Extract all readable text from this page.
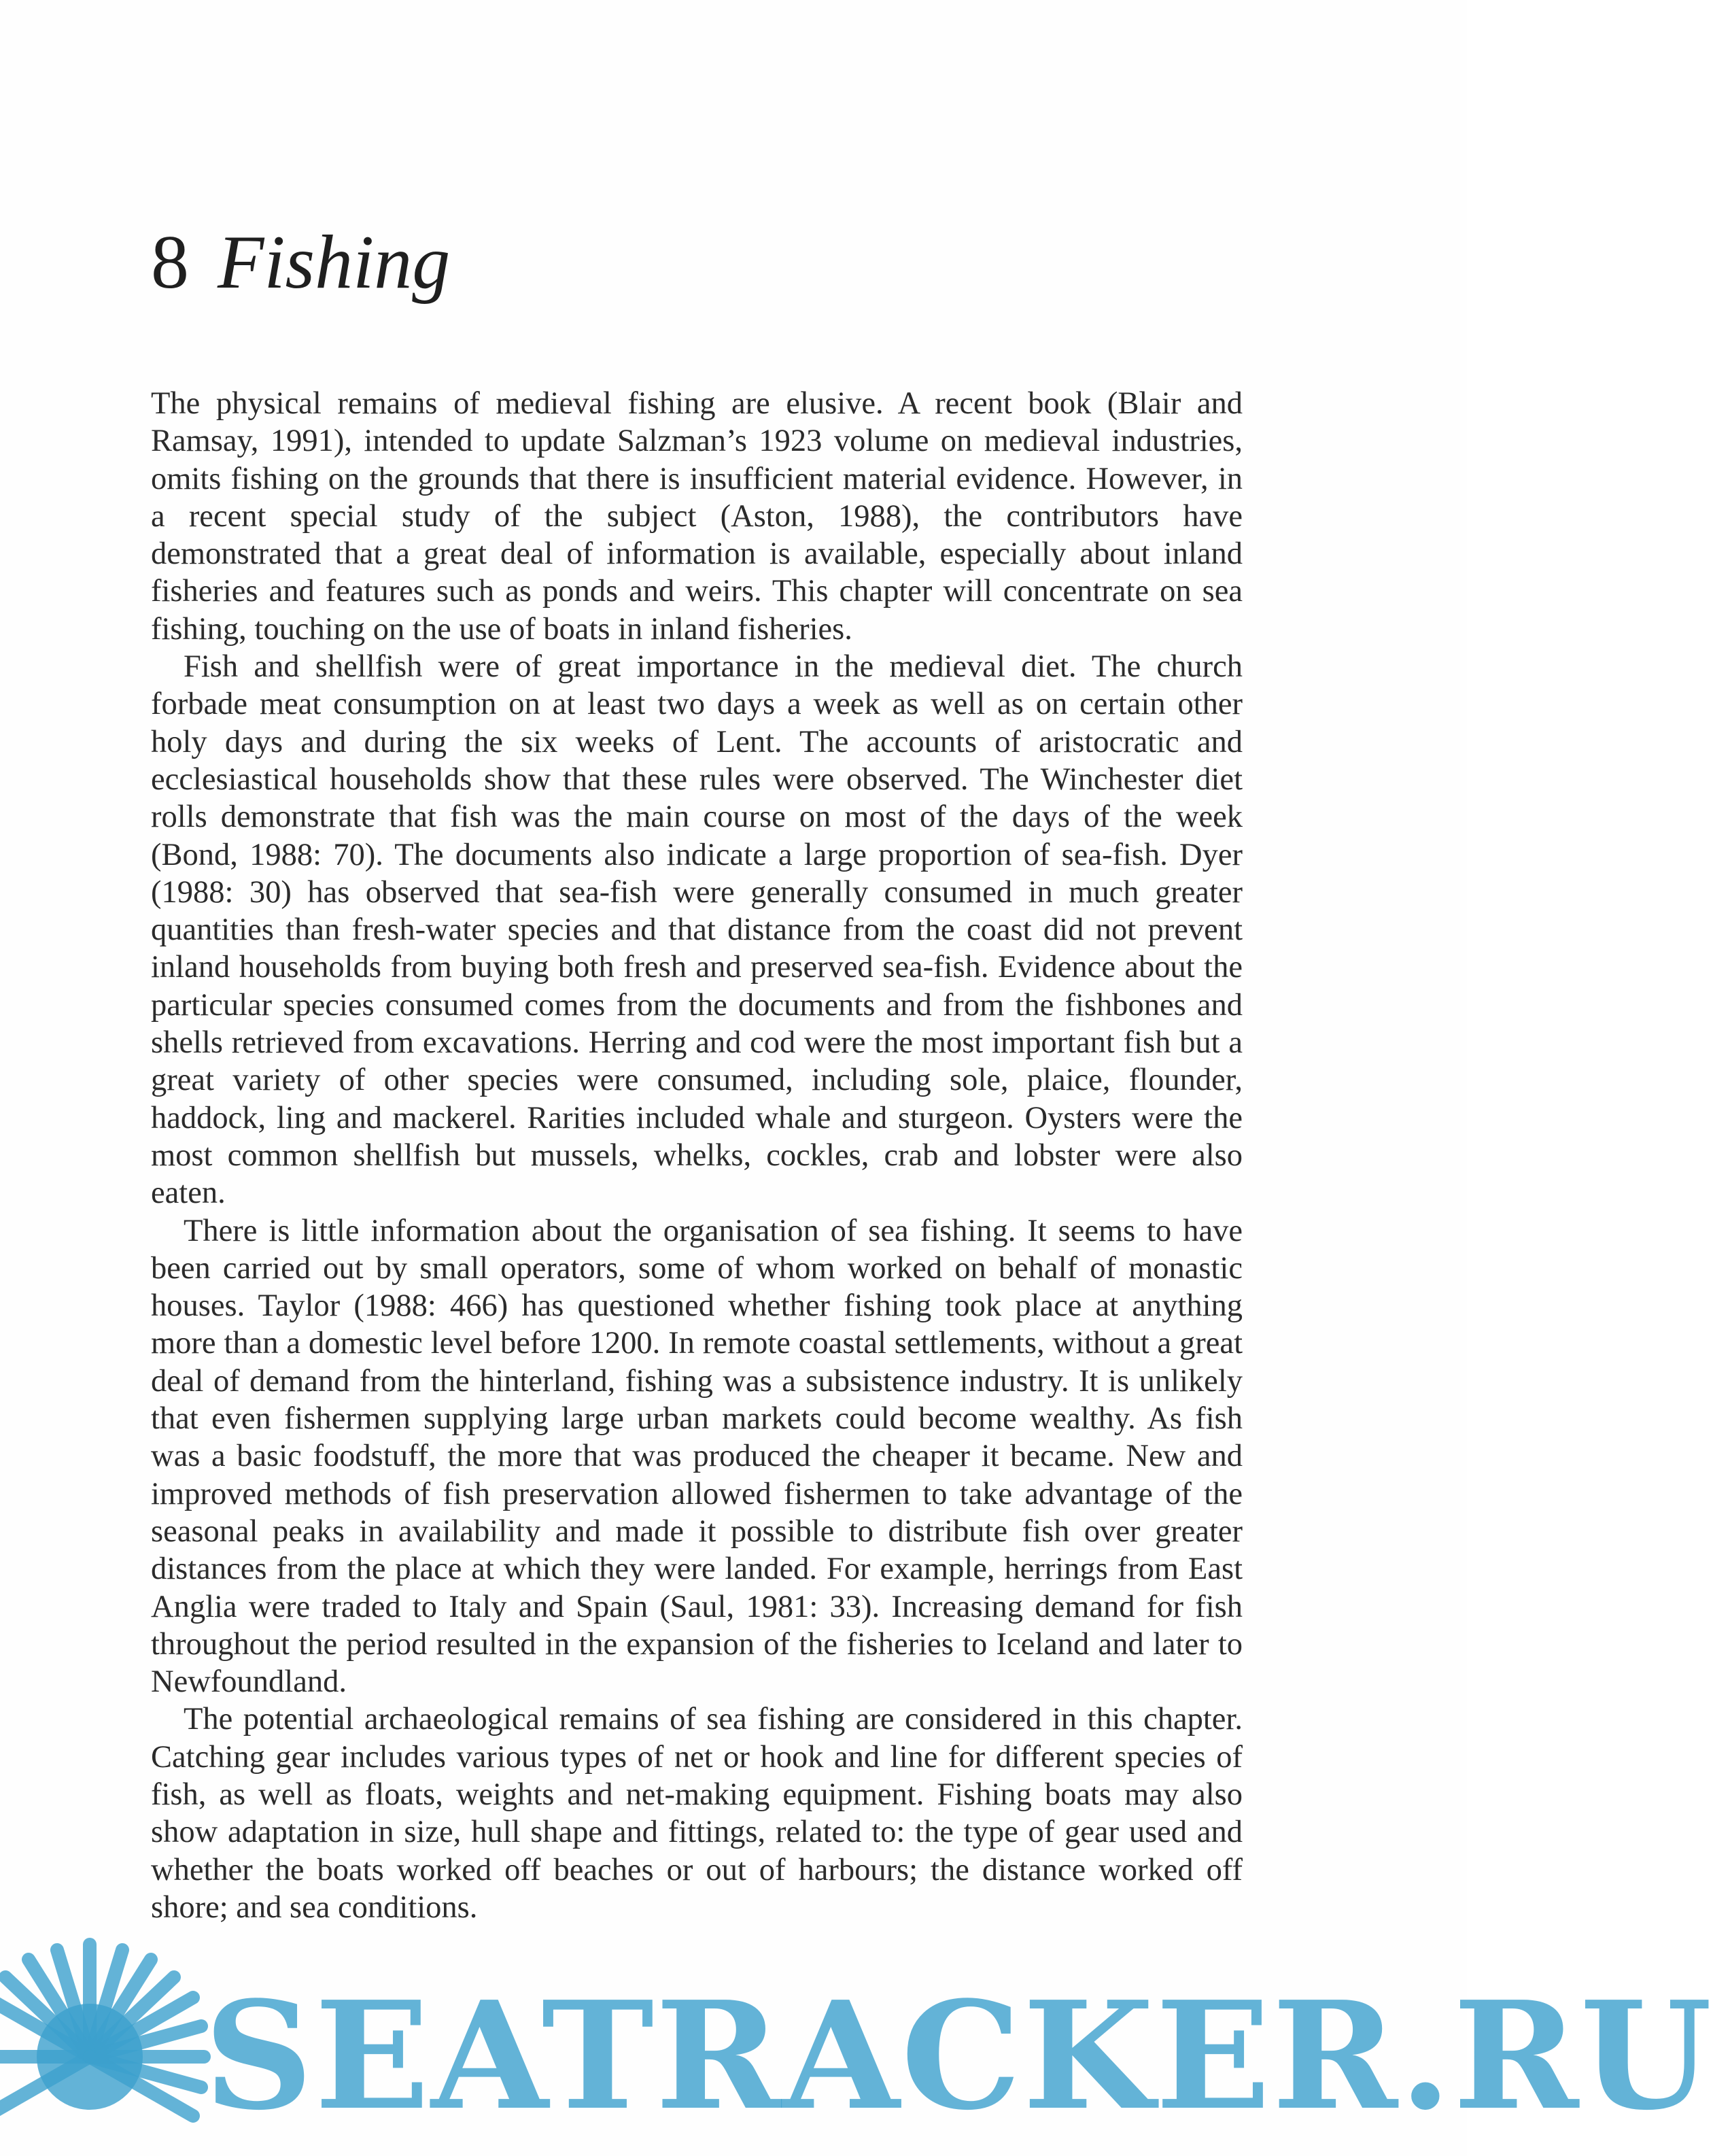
8 Fishing

The physical remains of medieval fishing are elusive. A recent book (Blair and Ramsay, 1991), intended to update Salzman’s 1923 volume on medieval industries, omits fishing on the grounds that there is insufficient material evidence. However, in a recent special study of the subject (Aston, 1988), the contributors have demonstrated that a great deal of information is available, especially about inland fisheries and features such as ponds and weirs. This chapter will concentrate on sea fishing, touching on the use of boats in inland fisheries.

Fish and shellfish were of great importance in the medieval diet. The church forbade meat consumption on at least two days a week as well as on certain other holy days and during the six weeks of Lent. The accounts of aristocratic and ecclesiastical households show that these rules were observed. The Winchester diet rolls demonstrate that fish was the main course on most of the days of the week (Bond, 1988: 70). The documents also indicate a large proportion of sea-fish. Dyer (1988: 30) has observed that sea-fish were generally consumed in much greater quantities than fresh-water species and that distance from the coast did not prevent inland households from buying both fresh and preserved sea-fish. Evidence about the particular species consumed comes from the documents and from the fishbones and shells retrieved from excavations. Herring and cod were the most important fish but a great variety of other species were consumed, including sole, plaice, flounder, haddock, ling and mackerel. Rarities included whale and sturgeon. Oysters were the most common shellfish but mussels, whelks, cockles, crab and lobster were also eaten.

There is little information about the organisation of sea fishing. It seems to have been carried out by small operators, some of whom worked on behalf of monastic houses. Taylor (1988: 466) has questioned whether fishing took place at anything more than a domestic level before 1200. In remote coastal settlements, without a great deal of demand from the hinterland, fishing was a subsistence industry. It is unlikely that even fishermen supplying large urban markets could become wealthy. As fish was a basic foodstuff, the more that was produced the cheaper it became. New and improved methods of fish preservation allowed fishermen to take advantage of the seasonal peaks in availability and made it possible to distribute fish over greater distances from the place at which they were landed. For example, herrings from East Anglia were traded to Italy and Spain (Saul, 1981: 33). Increasing demand for fish throughout the period resulted in the expansion of the fisheries to Iceland and later to Newfoundland.

The potential archaeological remains of sea fishing are considered in this chapter. Catching gear includes various types of net or hook and line for different species of fish, as well as floats, weights and net-making equipment. Fishing boats may also show adaptation in size, hull shape and fittings, related to: the type of gear used and whether the boats worked off beaches or out of harbours; the distance worked off shore; and sea conditions.

SEATRACKER.RU
